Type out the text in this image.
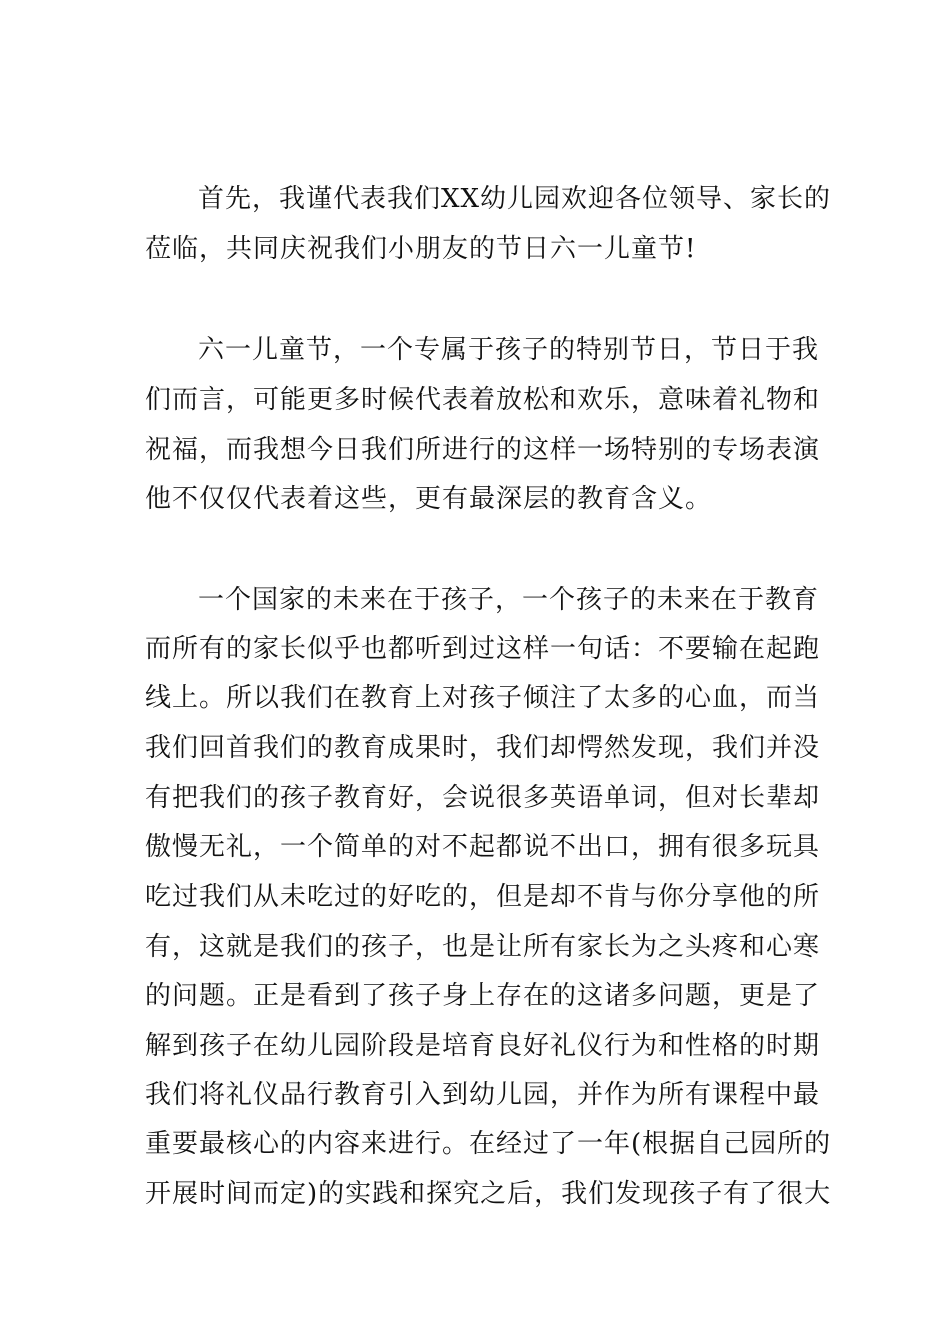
首先，我谨代表我们XX幼儿园欢迎各位领导、家长的
莅临，共同庆祝我们小朋友的节日六一儿童节!
六一儿童节，一个专属于孩子的特别节日，节日于我
们而言，可能更多时候代表着放松和欢乐，意味着礼物和
祝福，而我想今日我们所进行的这样一场特别的专场表演
他不仅仅代表着这些，更有最深层的教育含义。
一个国家的未来在于孩子，一个孩子的未来在于教育
而所有的家长似乎也都听到过这样一句话：不要输在起跑
线上。所以我们在教育上对孩子倾注了太多的心血，而当
我们回首我们的教育成果时，我们却愕然发现，我们并没
有把我们的孩子教育好，会说很多英语单词，但对长辈却
傲慢无礼，一个简单的对不起都说不出口，拥有很多玩具
吃过我们从未吃过的好吃的，但是却不肯与你分享他的所
有，这就是我们的孩子，也是让所有家长为之头疼和心寒
的问题。正是看到了孩子身上存在的这诸多问题，更是了
解到孩子在幼儿园阶段是培育良好礼仪行为和性格的时期
我们将礼仪品行教育引入到幼儿园，并作为所有课程中最
重要最核心的内容来进行。在经过了一年(根据自己园所的
开展时间而定)的实践和探究之后，我们发现孩子有了很大
